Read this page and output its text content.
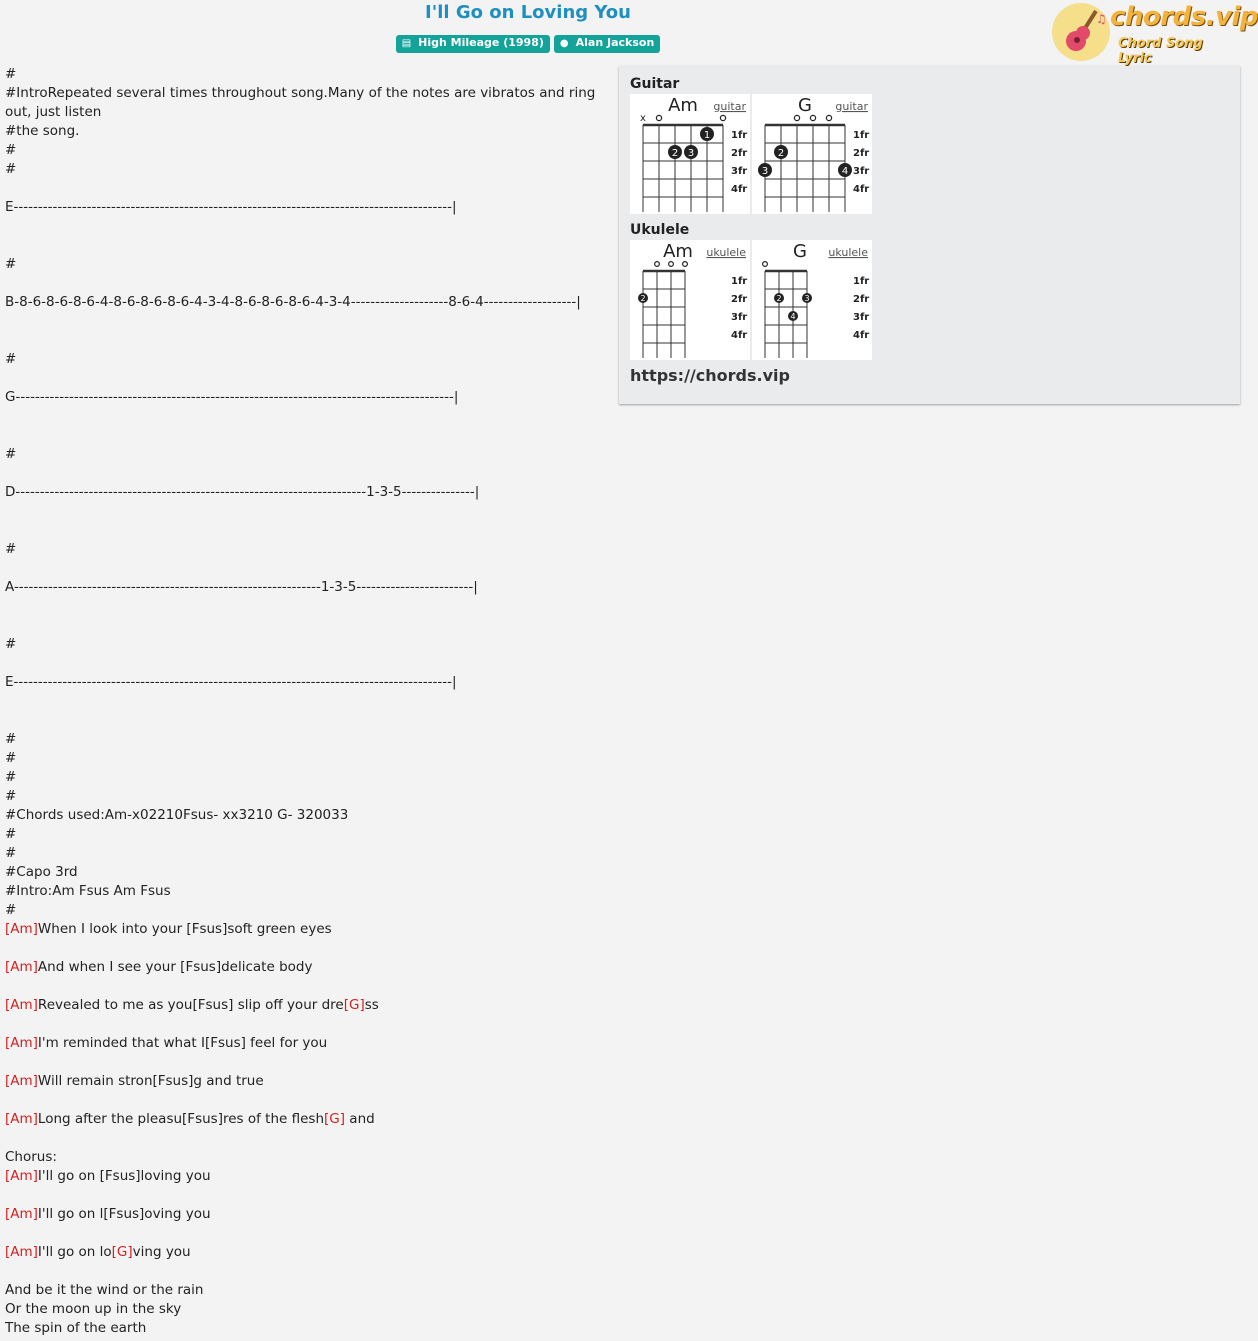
I'll Go on Loving You
▤ High Mileage (1998) ● Alan Jackson
♫ chords.vip
Chord Song Lyric
#
#IntroRepeated several times throughout song.Many of the notes are vibratos and ring out, just listen
#the song.
#
#
E------------------------------------------------------------------------------------------|
#
B-8-6-8-6-8-6-4-8-6-8-6-8-6-4-3-4-8-6-8-6-8-6-4-3-4--------------------8-6-4-------------------|
#
G------------------------------------------------------------------------------------------|
#
D------------------------------------------------------------------------1-3-5---------------|
#
A---------------------------------------------------------------1-3-5------------------------|
#
E------------------------------------------------------------------------------------------|
#
#
#
#
#Chords used:Am-x02210Fsus- xx3210 G- 320033
#
#
#Capo 3rd
#Intro:Am Fsus Am Fsus
#
[Am]When I look into your [Fsus]soft green eyes
[Am]And when I see your [Fsus]delicate body
[Am]Revealed to me as you[Fsus] slip off your dre[G]ss
[Am]I'm reminded that what I[Fsus] feel for you
[Am]Will remain stron[Fsus]g and true
[Am]Long after the pleasu[Fsus]res of the flesh[G] and
Chorus:
[Am]I'll go on [Fsus]loving you
[Am]I'll go on l[Fsus]oving you
[Am]I'll go on lo[G]ving you
And be it the wind or the rain
Or the moon up in the sky
The spin of the earth
Guitar
Am guitar
x
2 3
1 1fr
2fr
3fr
4fr
G guitar
2
3	4
1fr
2fr
3fr
4fr
Ukulele
Am ukulele
2
1fr
2fr
3fr
4fr
G ukulele
2	3
4
1fr
2fr
3fr
4fr
https://chords.vip
